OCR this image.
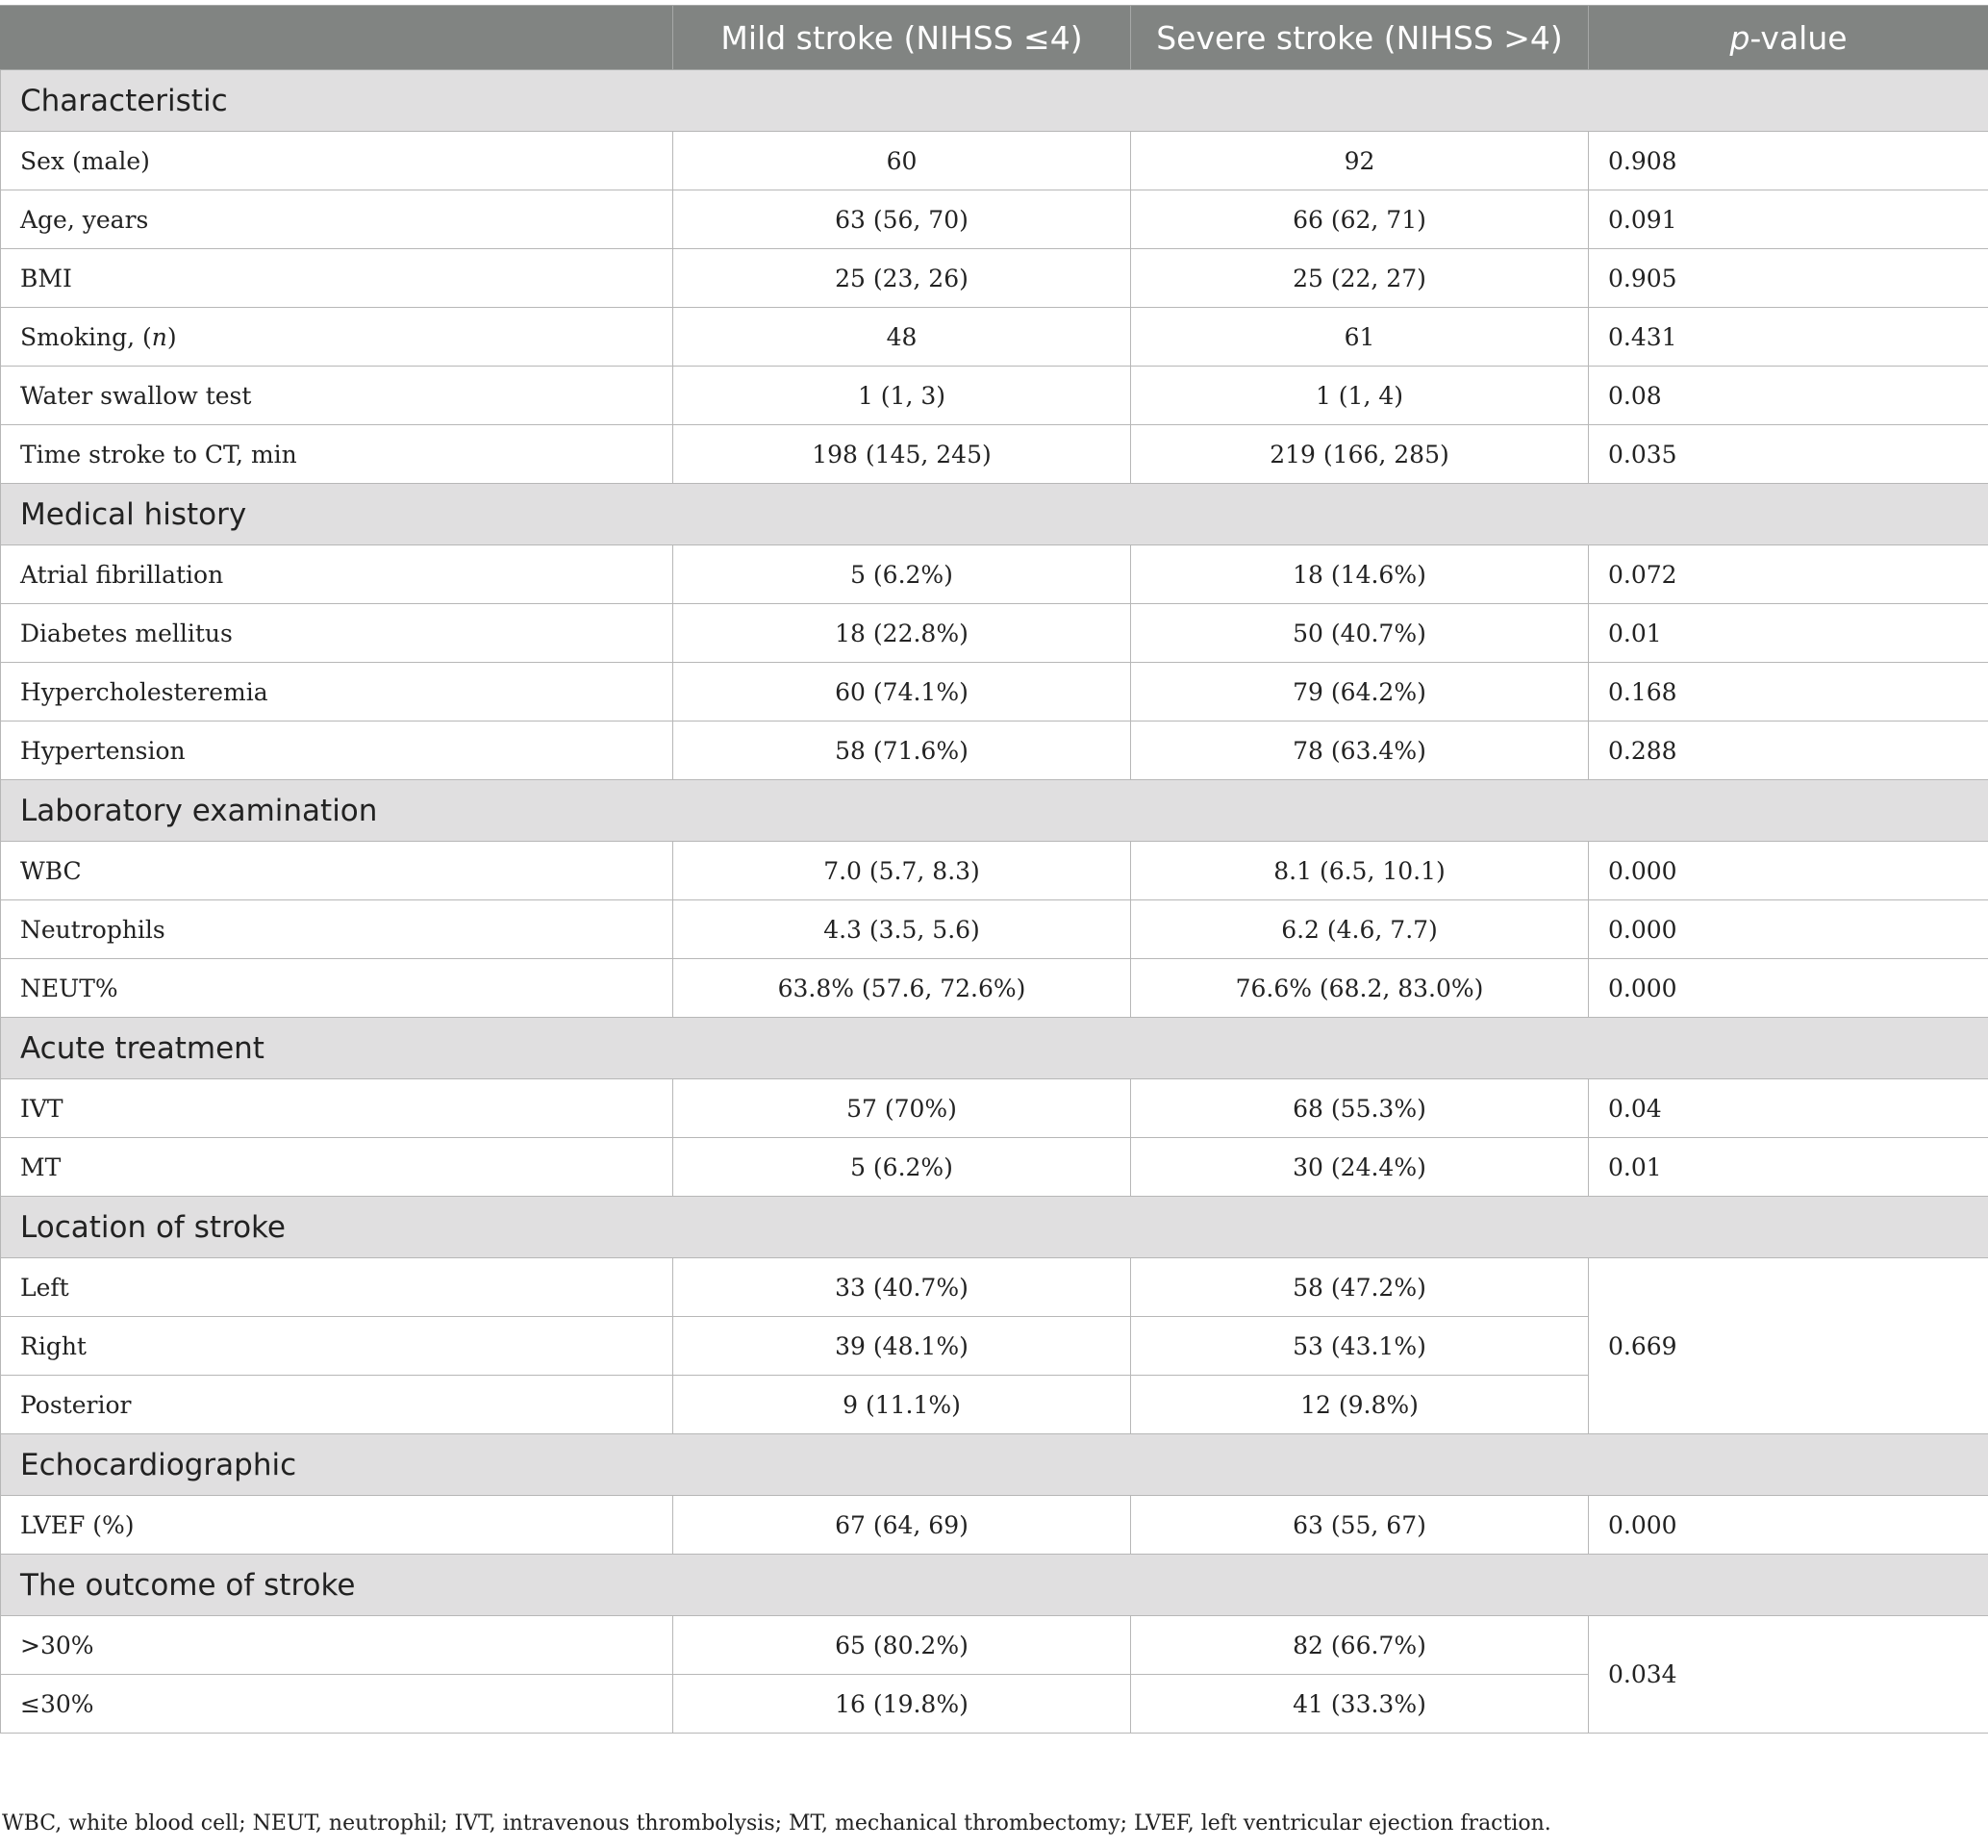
	Mild stroke (NIHSS ≤4)	Severe stroke (NIHSS >4)	p-value
Characteristic			
Sex (male)	60	92	0.908
Age, years	63 (56, 70)	66 (62, 71)	0.091
BMI	25 (23, 26)	25 (22, 27)	0.905
Smoking, (n)	48	61	0.431
Water swallow test	1 (1, 3)	1 (1, 4)	0.08
Time stroke to CT, min	198 (145, 245)	219 (166, 285)	0.035
Medical history			
Atrial fibrillation	5 (6.2%)	18 (14.6%)	0.072
Diabetes mellitus	18 (22.8%)	50 (40.7%)	0.01
Hypercholesteremia	60 (74.1%)	79 (64.2%)	0.168
Hypertension	58 (71.6%)	78 (63.4%)	0.288
Laboratory examination			
WBC	7.0 (5.7, 8.3)	8.1 (6.5, 10.1)	0.000
Neutrophils	4.3 (3.5, 5.6)	6.2 (4.6, 7.7)	0.000
NEUT%	63.8% (57.6, 72.6%)	76.6% (68.2, 83.0%)	0.000
Acute treatment			
IVT	57 (70%)	68 (55.3%)	0.04
MT	5 (6.2%)	30 (24.4%)	0.01
Location of stroke			
Left	33 (40.7%)	58 (47.2%)	0.669
Right	39 (48.1%)	53 (43.1%)	
Posterior	9 (11.1%)	12 (9.8%)	
Echocardiographic			
LVEF (%)	67 (64, 69)	63 (55, 67)	0.000
The outcome of stroke			
>30%	65 (80.2%)	82 (66.7%)	0.034
≤30%	16 (19.8%)	41 (33.3%)	
WBC, white blood cell; NEUT, neutrophil; IVT, intravenous thrombolysis; MT, mechanical thrombectomy; LVEF, left ventricular ejection fraction.
